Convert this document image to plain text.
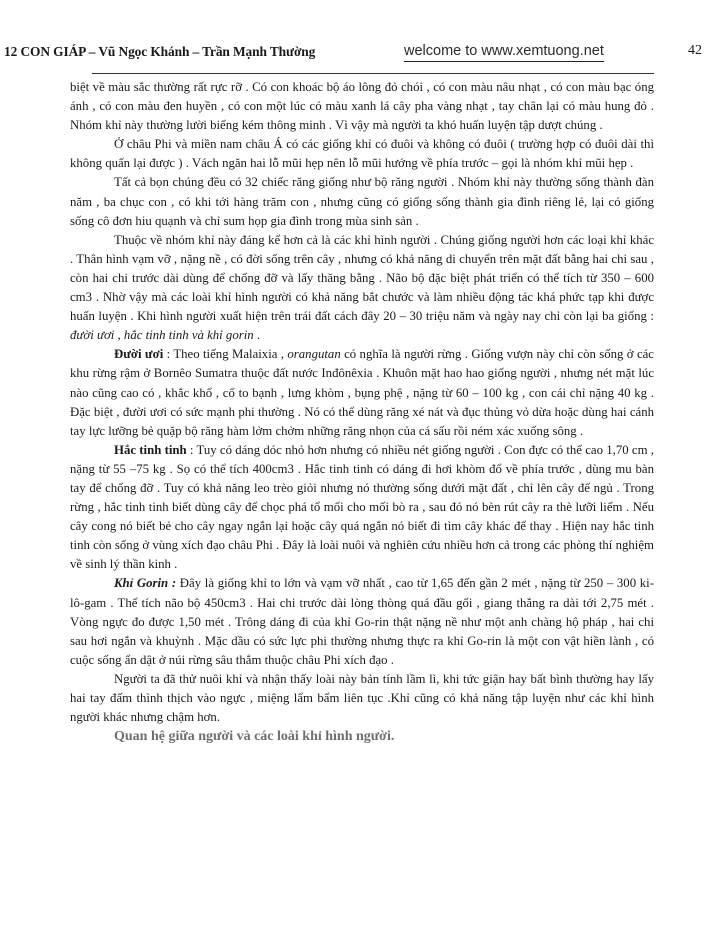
12 CON GIÁP – Vũ Ngọc Khánh – Trần Mạnh Thường	welcome to www.xemtuong.net	42

biệt về màu sắc thường rất rực rỡ . Có con khoác bộ áo lông đỏ chói , có con màu nâu nhạt , có con màu bạc óng ánh , có con màu đen huyền , có con một lúc có màu xanh lá cây pha vàng nhạt , tay chân lại có màu hung đỏ . Nhóm khỉ này thường lười biếng kém thông minh . Vì vậy mà người ta khó huấn luyện tập dượt chúng .

Ở châu Phi và miền nam châu Á có các giống khỉ có đuôi và không có đuôi ( trường hợp có đuôi dài thì không quấn lại được ) . Vách ngăn hai lỗ mũi hẹp nên lỗ mũi hướng về phía trước – gọi là nhóm khỉ mũi hẹp .

Tất cả bọn chúng đều có 32 chiếc răng giống như bộ răng người . Nhóm khỉ này thường sống thành đàn năm , ba chục con , có khi tới hàng trăm con , nhưng cũng có giống sống thành gia đình riêng lẻ, lại có giống sống cô đơn hiu quạnh và chỉ sum họp gia đình trong mùa sinh sản .

Thuộc về nhóm khỉ này đáng kể hơn cả là các khỉ hình người . Chúng giống người hơn các loại khỉ khác . Thân hình vạm vỡ , nặng nề , có đời sống trên cây , nhưng có khả năng di chuyển trên mặt đất bằng hai chi sau , còn hai chi trước dài dùng để chống đỡ và lấy thăng bằng . Não bộ đặc biệt phát triển có thể tích từ 350 – 600 cm3 . Nhờ vậy mà các loài khỉ hình người có khả năng bắt chước và làm nhiều động tác khá phức tạp khi được huấn luyện . Khi hình người xuất hiện trên trái đất cách đây 20 – 30 triệu năm và ngày nay chỉ còn lại ba giống : đười ươi , hắc tinh tinh và khỉ gorin .

Đười ươi : Theo tiếng Malaixia , orangutan có nghĩa là người rừng . Giống vượn này chỉ còn sống ở các khu rừng rậm ở Bornêo Sumatra thuộc đất nước Inđônêxia . Khuôn mặt hao hao giống người , nhưng nét mặt lúc nào cũng cao có , khắc khổ , cổ to bạnh , lưng khòm , bụng phệ , nặng từ 60 – 100 kg , con cái chỉ nặng 40 kg . Đặc biệt , đười ươi có sức mạnh phi thường . Nó có thể dùng răng xé nát và đục thủng vỏ dừa hoặc dùng hai cánh tay lực lưỡng bẻ quặp bộ răng hàm lởm chởm những răng nhọn của cá sấu rồi ném xác xuống sông .

Hắc tinh tinh : Tuy có dáng dóc nhỏ hơn nhưng có nhiều nét giống người . Con đực có thể cao 1,70 cm , nặng từ 55 –75 kg . Sọ có thể tích 400cm3 . Hắc tinh tinh có dáng đi hơi khòm đổ về phía trước , dùng mu bàn tay để chống đỡ . Tuy có khả năng leo trèo giỏi nhưng nó thường sống dưới mặt đất , chỉ lên cây để ngủ . Trong rừng , hắc tinh tinh biết dùng cây để chọc phá tổ mối cho mối bò ra , sau đó nó bèn rút cây ra thè lưỡi liếm . Nếu cây cong nó biết bẻ cho cây ngay ngắn lại hoặc cây quá ngắn nó biết đi tìm cây khác để thay . Hiện nay hắc tinh tinh còn sống ở vùng xích đạo châu Phi . Đây là loài nuôi và nghiên cứu nhiều hơn cả trong các phòng thí nghiệm về sinh lý thần kinh .

Khỉ Gorin : Đây là giống khỉ to lớn và vạm vỡ nhất , cao từ 1,65 đến gần 2 mét , nặng từ 250 – 300 ki-lô-gam . Thể tích não bộ 450cm3 . Hai chi trước dài lòng thòng quá đầu gối , giang thẳng ra dài tới 2,75 mét . Vòng ngực đo được 1,50 mét . Trông dáng đi của khỉ Go-rin thật nặng nề như một anh chàng hộ pháp , hai chi sau hơi ngắn và khuỳnh . Mặc dầu có sức lực phi thường nhưng thực ra khỉ Go-rin là một con vật hiền lành , có cuộc sống ẩn dật ở núi rừng sâu thẳm thuộc châu Phi xích đạo .

Người ta đã thử nuôi khỉ và nhận thấy loài này bản tính lầm lì, khi tức giận hay bất bình thường hay lấy hai tay đấm thình thịch vào ngực , miệng lẩm bẩm liên tục .Khỉ cũng có khả năng tập luyện như các khỉ hình người khác nhưng chậm hơn.

Quan hệ giữa người và các loài khỉ hình người.
